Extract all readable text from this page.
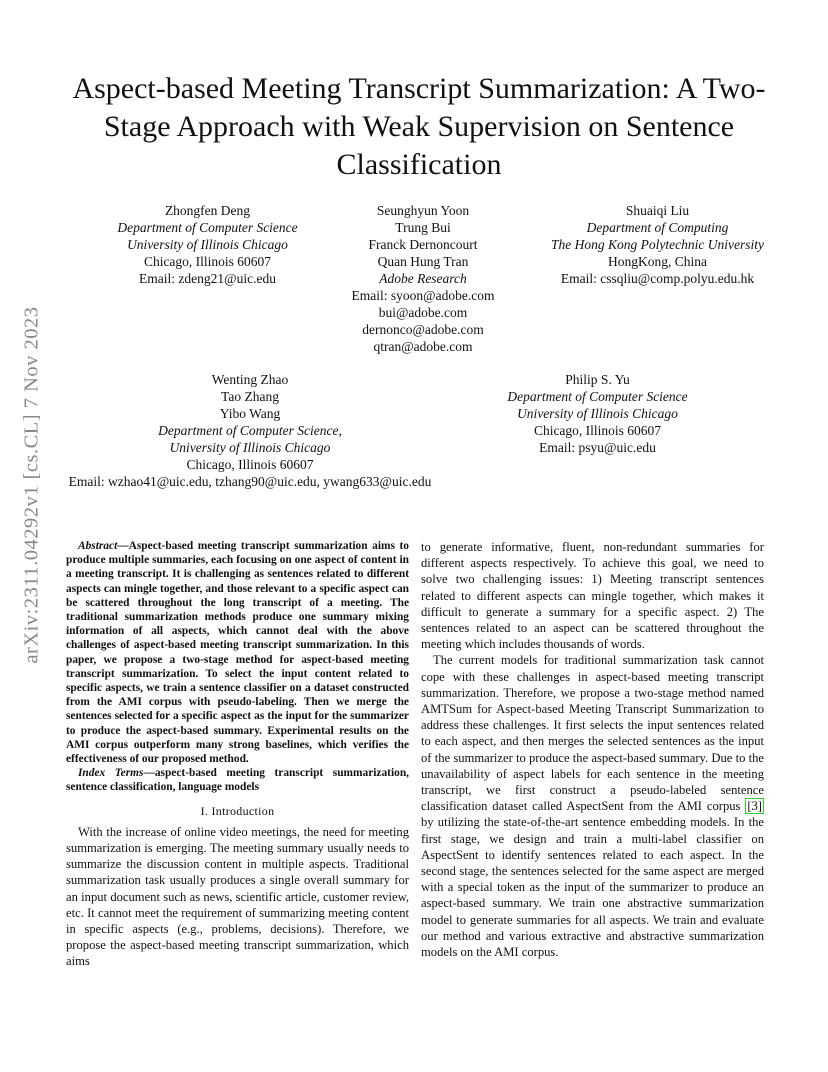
arXiv:2311.04292v1 [cs.CL] 7 Nov 2023
Aspect-based Meeting Transcript Summarization: A Two-Stage Approach with Weak Supervision on Sentence Classification
Zhongfen Deng
Department of Computer Science
University of Illinois Chicago
Chicago, Illinois 60607
Email: zdeng21@uic.edu
Seunghyun Yoon
Trung Bui
Franck Dernoncourt
Quan Hung Tran
Adobe Research
Email: syoon@adobe.com
bui@adobe.com
dernonco@adobe.com
qtran@adobe.com
Shuaiqi Liu
Department of Computing
The Hong Kong Polytechnic University
HongKong, China
Email: cssqliu@comp.polyu.edu.hk
Wenting Zhao
Tao Zhang
Yibo Wang
Department of Computer Science,
University of Illinois Chicago
Chicago, Illinois 60607
Email: wzhao41@uic.edu, tzhang90@uic.edu, ywang633@uic.edu
Philip S. Yu
Department of Computer Science
University of Illinois Chicago
Chicago, Illinois 60607
Email: psyu@uic.edu

Abstract—Aspect-based meeting transcript summarization aims to produce multiple summaries, each focusing on one aspect of content in a meeting transcript. It is challenging as sentences related to different aspects can mingle together, and those relevant to a specific aspect can be scattered throughout the long transcript of a meeting. The traditional summarization methods produce one summary mixing information of all aspects, which cannot deal with the above challenges of aspect-based meeting transcript summarization. In this paper, we propose a two-stage method for aspect-based meeting transcript summarization. To select the input content related to specific aspects, we train a sentence classifier on a dataset constructed from the AMI corpus with pseudo-labeling. Then we merge the sentences selected for a specific aspect as the input for the summarizer to produce the aspect-based summary. Experimental results on the AMI corpus outperform many strong baselines, which verifies the effectiveness of our proposed method.

Index Terms—aspect-based meeting transcript summarization, sentence classification, language models

I. Introduction

With the increase of online video meetings, the need for meeting summarization is emerging. The meeting summary usually needs to summarize the discussion content in multiple aspects. Traditional summarization task usually produces a single overall summary for an input document such as news, scientific article, customer review, etc. It cannot meet the requirement of summarizing meeting content in specific aspects (e.g., problems, decisions). Therefore, we propose the aspect-based meeting transcript summarization, which aims

to generate informative, fluent, non-redundant summaries for different aspects respectively. To achieve this goal, we need to solve two challenging issues: 1) Meeting transcript sentences related to different aspects can mingle together, which makes it difficult to generate a summary for a specific aspect. 2) The sentences related to an aspect can be scattered throughout the meeting which includes thousands of words.

The current models for traditional summarization task cannot cope with these challenges in aspect-based meeting transcript summarization. Therefore, we propose a two-stage method named AMTSum for Aspect-based Meeting Transcript Summarization to address these challenges. It first selects the input sentences related to each aspect, and then merges the selected sentences as the input of the summarizer to produce the aspect-based summary. Due to the unavailability of aspect labels for each sentence in the meeting transcript, we first construct a pseudo-labeled sentence classification dataset called AspectSent from the AMI corpus [3] by utilizing the state-of-the-art sentence embedding models. In the first stage, we design and train a multi-label classifier on AspectSent to identify sentences related to each aspect. In the second stage, the sentences selected for the same aspect are merged with a special token as the input of the summarizer to produce an aspect-based summary. We train one abstractive summarization model to generate summaries for all aspects. We train and evaluate our method and various extractive and abstractive summarization models on the AMI corpus.
